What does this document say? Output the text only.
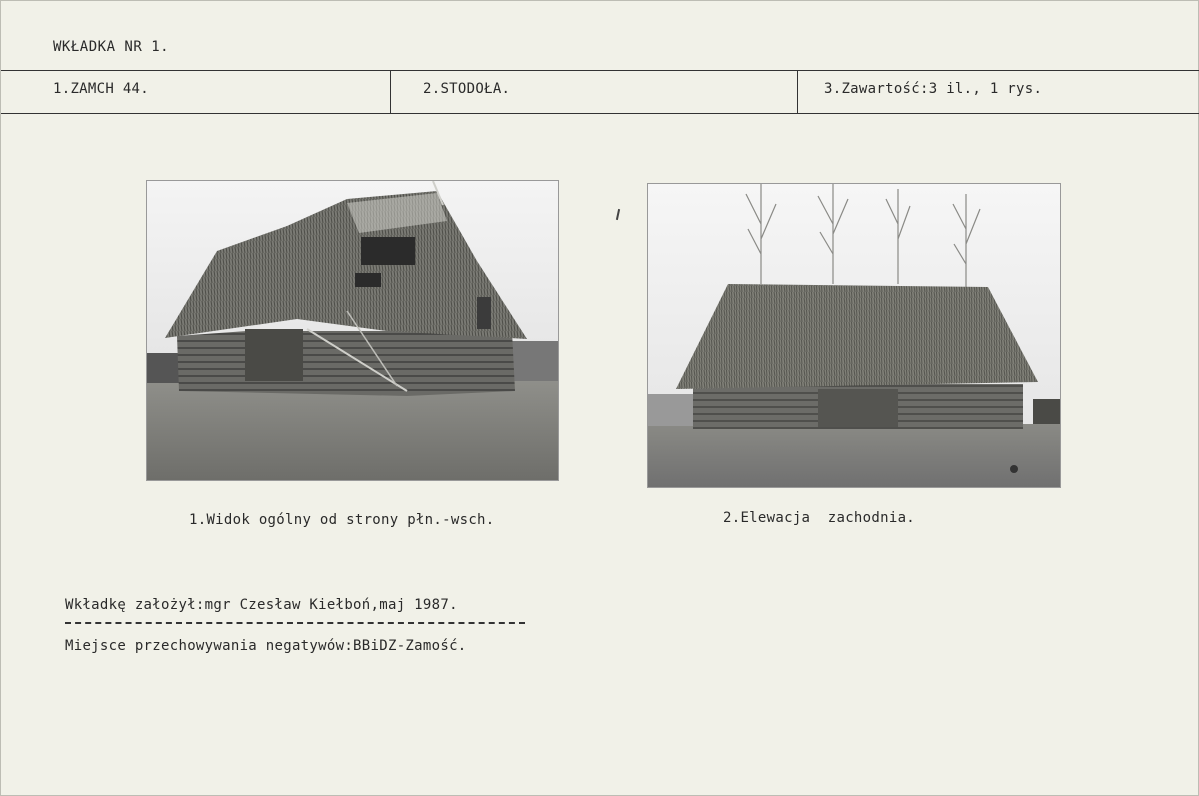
WKŁADKA NR 1.
1.ZAMCH 44.	2.STODOŁA.	3.Zawartość:3 il., 1 rys.
1.Widok ogólny od strony płn.-wsch.	2.Elewacja  zachodnia.
Wkładkę założył:mgr Czesław Kiełboń,maj 1987.
Miejsce przechowywania negatywów:BBiDZ-Zamość.
